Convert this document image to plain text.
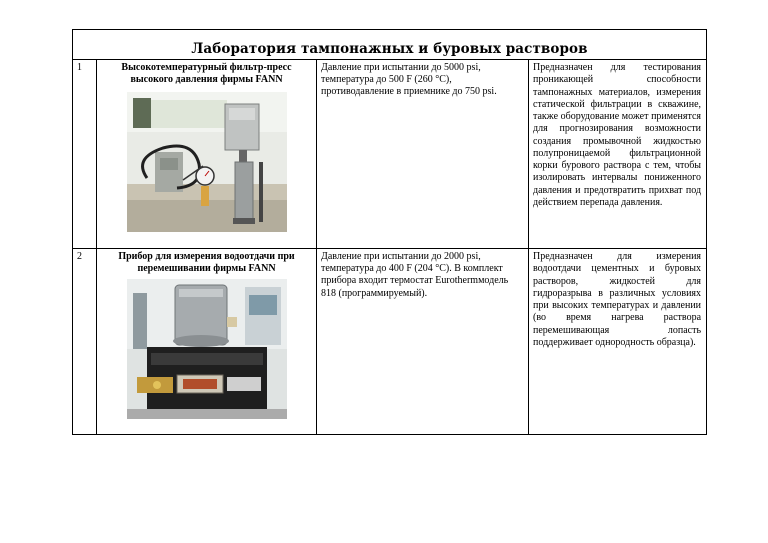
Лаборатория тампонажных и буровых растворов			
1	Высокотемпературный фильтр-пресс высокого давления фирмы FANN	Давление при испытании до 5000 psi, температура до 500 F (260 °C), противодавление в приемнике до 750 psi.	Предназначен для тестирования проникающей способности тампонажных материалов, измерения статической фильтрации в скважине, также оборудование может применятся для прогнозирования возможности создания промывочной жидкостью полупроницаемой фильтрационной корки бурового раствора с тем, чтобы изолировать интервалы пониженного давления и предотвратить прихват под действием перепада давления.
2	Прибор для измерения водоотдачи при перемешивании фирмы FANN	Давление при испытании до 2000 psi, температура до 400 F (204 °C). В комплект прибора входит термостат Eurothermмодель 818 (программируемый).	Предназначен для измерения водоотдачи цементных и буровых растворов, жидкостей для гидроразрыва в различных условиях при высоких температурах и давлении (во время нагрева раствора перемешивающая лопасть поддерживает однородность образца).
